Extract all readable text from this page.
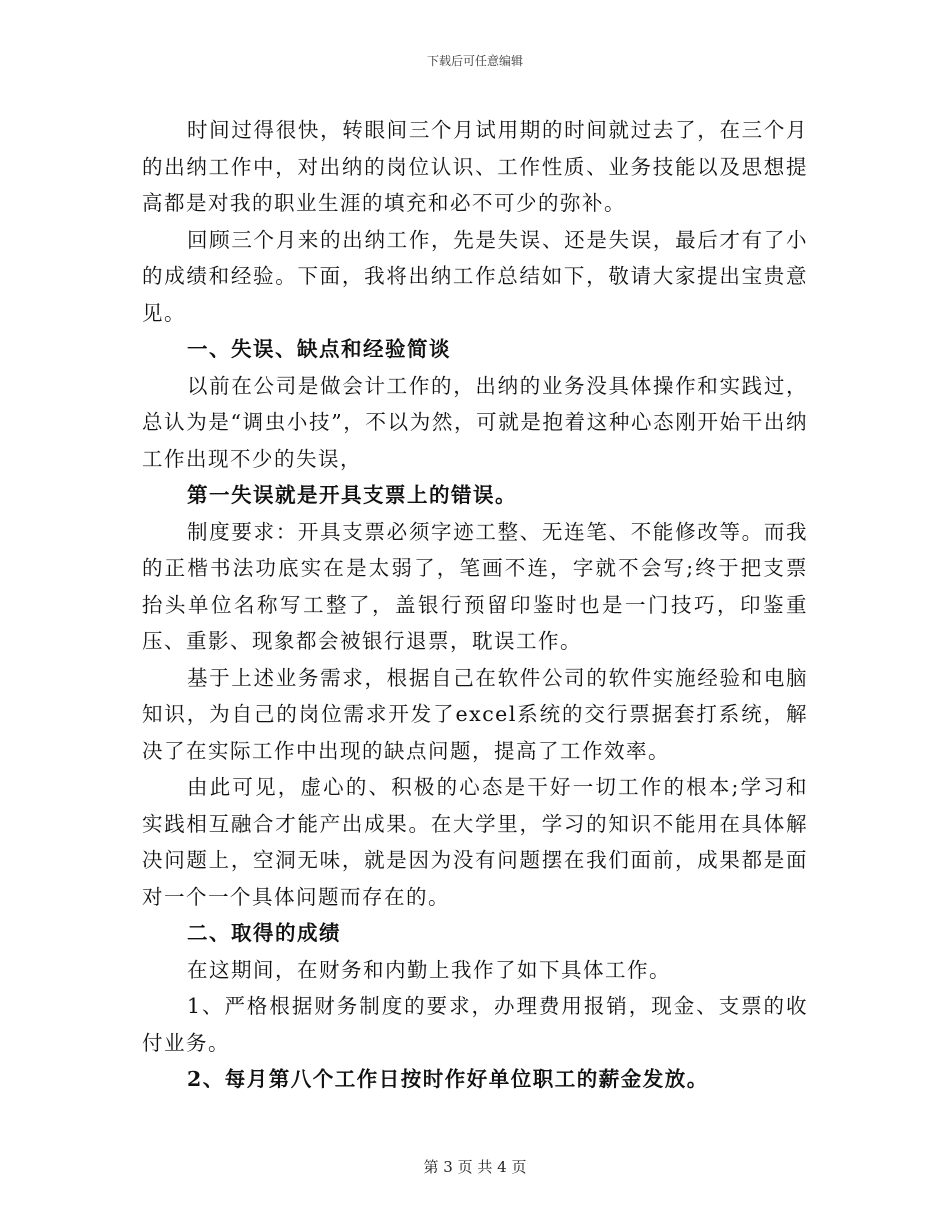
下载后可任意编辑

时间过得很快，转眼间三个月试用期的时间就过去了，在三个月的出纳工作中，对出纳的岗位认识、工作性质、业务技能以及思想提高都是对我的职业生涯的填充和必不可少的弥补。

回顾三个月来的出纳工作，先是失误、还是失误，最后才有了小的成绩和经验。下面，我将出纳工作总结如下，敬请大家提出宝贵意见。

一、失误、缺点和经验简谈

以前在公司是做会计工作的，出纳的业务没具体操作和实践过，总认为是“调虫小技”，不以为然，可就是抱着这种心态刚开始干出纳工作出现不少的失误，

第一失误就是开具支票上的错误。

制度要求：开具支票必须字迹工整、无连笔、不能修改等。而我的正楷书法功底实在是太弱了，笔画不连，字就不会写;终于把支票抬头单位名称写工整了，盖银行预留印鉴时也是一门技巧，印鉴重压、重影、现象都会被银行退票，耽误工作。

基于上述业务需求，根据自己在软件公司的软件实施经验和电脑知识，为自己的岗位需求开发了excel系统的交行票据套打系统，解决了在实际工作中出现的缺点问题，提高了工作效率。

由此可见，虚心的、积极的心态是干好一切工作的根本;学习和实践相互融合才能产出成果。在大学里，学习的知识不能用在具体解决问题上，空洞无味，就是因为没有问题摆在我们面前，成果都是面对一个一个具体问题而存在的。

二、取得的成绩

在这期间，在财务和内勤上我作了如下具体工作。

1、严格根据财务制度的要求，办理费用报销，现金、支票的收付业务。

2、每月第八个工作日按时作好单位职工的薪金发放。

第 3 页 共 4 页
